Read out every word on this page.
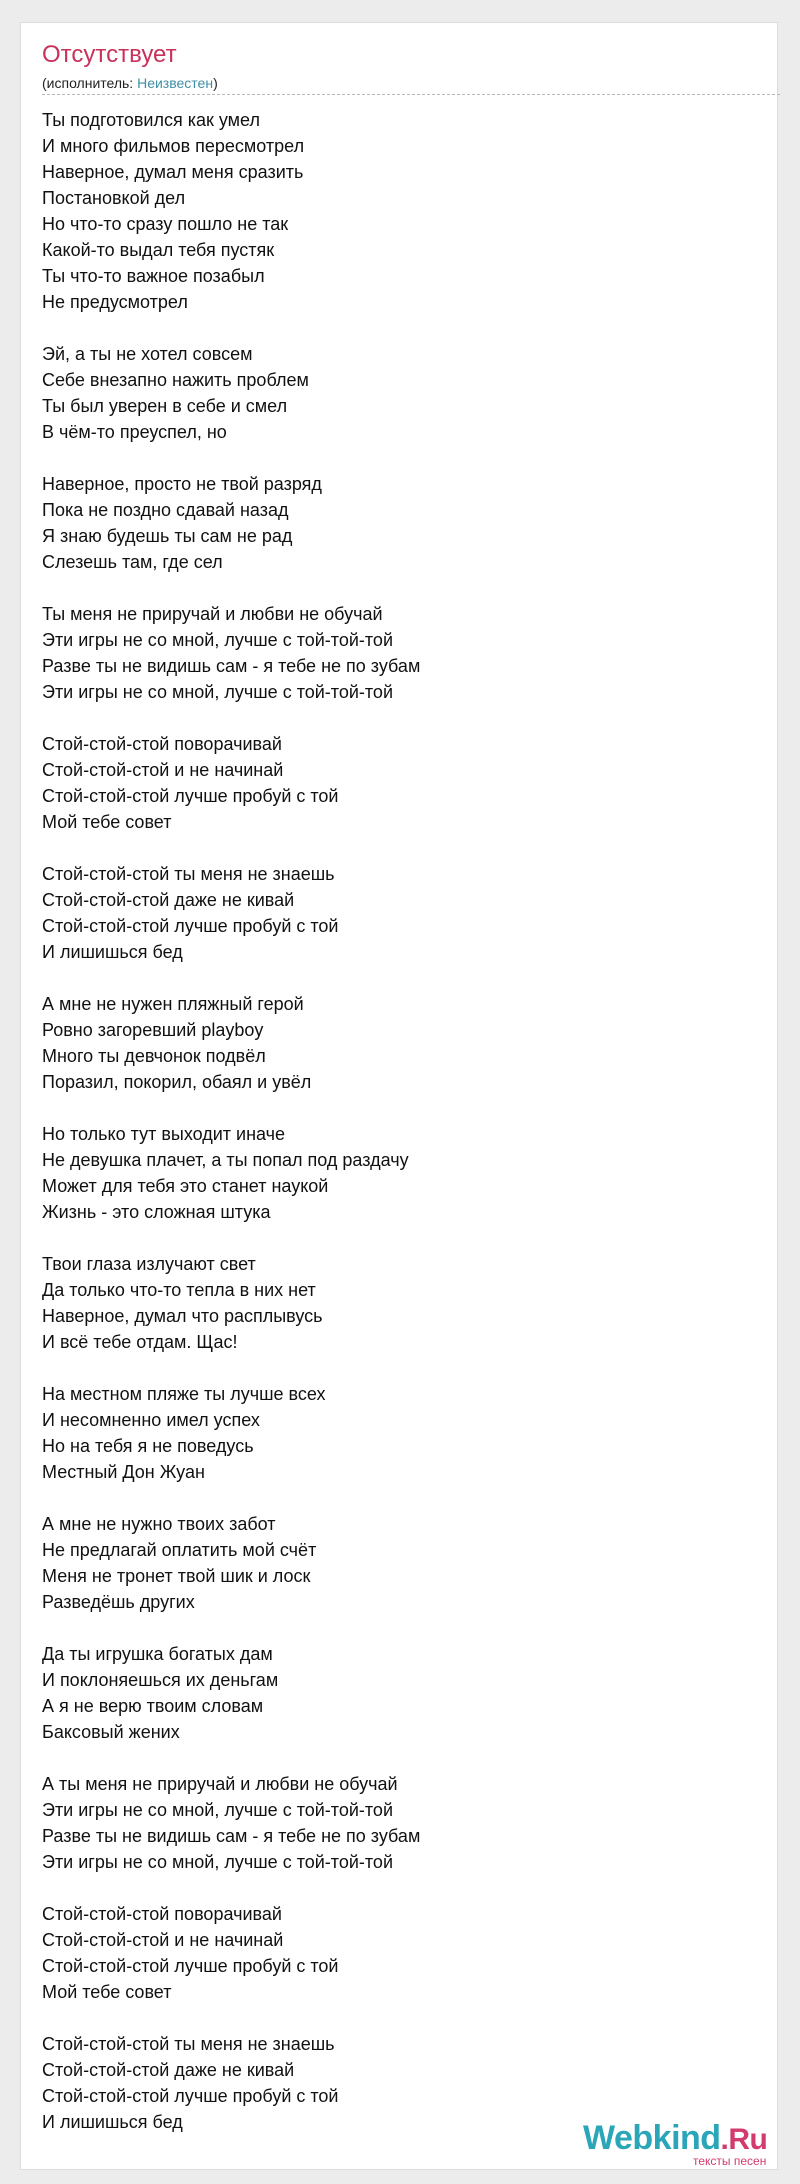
Отсутствует
(исполнитель: Неизвестен)
Ты подготовился как умел
И много фильмов пересмотрел
Наверное, думал меня сразить
Постановкой дел
Но что-то сразу пошло не так
Какой-то выдал тебя пустяк
Ты что-то важное позабыл
Не предусмотрел
Эй, а ты не хотел совсем
Себе внезапно нажить проблем
Ты был уверен в себе и смел
В чём-то преуспел, но
Наверное, просто не твой разряд
Пока не поздно сдавай назад
Я знаю будешь ты сам не рад
Слезешь там, где сел
Ты меня не приручай и любви не обучай
Эти игры не со мной, лучше с той-той-той
Разве ты не видишь сам - я тебе не по зубам
Эти игры не со мной, лучше с той-той-той
Стой-стой-стой поворачивай
Стой-стой-стой и не начинай
Стой-стой-стой лучше пробуй с той
Мой тебе совет
Стой-стой-стой ты меня не знаешь
Стой-стой-стой даже не кивай
Стой-стой-стой лучше пробуй с той
И лишишься бед
А мне не нужен пляжный герой
Ровно загоревший playboy
Много ты девчонок подвёл
Поразил, покорил, обаял и увёл
Но только тут выходит иначе
Не девушка плачет, а ты попал под раздачу
Может для тебя это станет наукой
Жизнь - это сложная штука
Твои глаза излучают свет
Да только что-то тепла в них нет
Наверное, думал что расплывусь
И всё тебе отдам. Щас!
На местном пляже ты лучше всех
И несомненно имел успех
Но на тебя я не поведусь
Местный Дон Жуан
А мне не нужно твоих забот
Не предлагай оплатить мой счёт
Меня не тронет твой шик и лоск
Разведёшь других
Да ты игрушка богатых дам
И поклоняешься их деньгам
А я не верю твоим словам
Баксовый жених
А ты меня не приручай и любви не обучай
Эти игры не со мной, лучше с той-той-той
Разве ты не видишь сам - я тебе не по зубам
Эти игры не со мной, лучше с той-той-той
Стой-стой-стой поворачивай
Стой-стой-стой и не начинай
Стой-стой-стой лучше пробуй с той
Мой тебе совет
Стой-стой-стой ты меня не знаешь
Стой-стой-стой даже не кивай
Стой-стой-стой лучше пробуй с той
И лишишься бед	Webkind.Ru
тексты песен
